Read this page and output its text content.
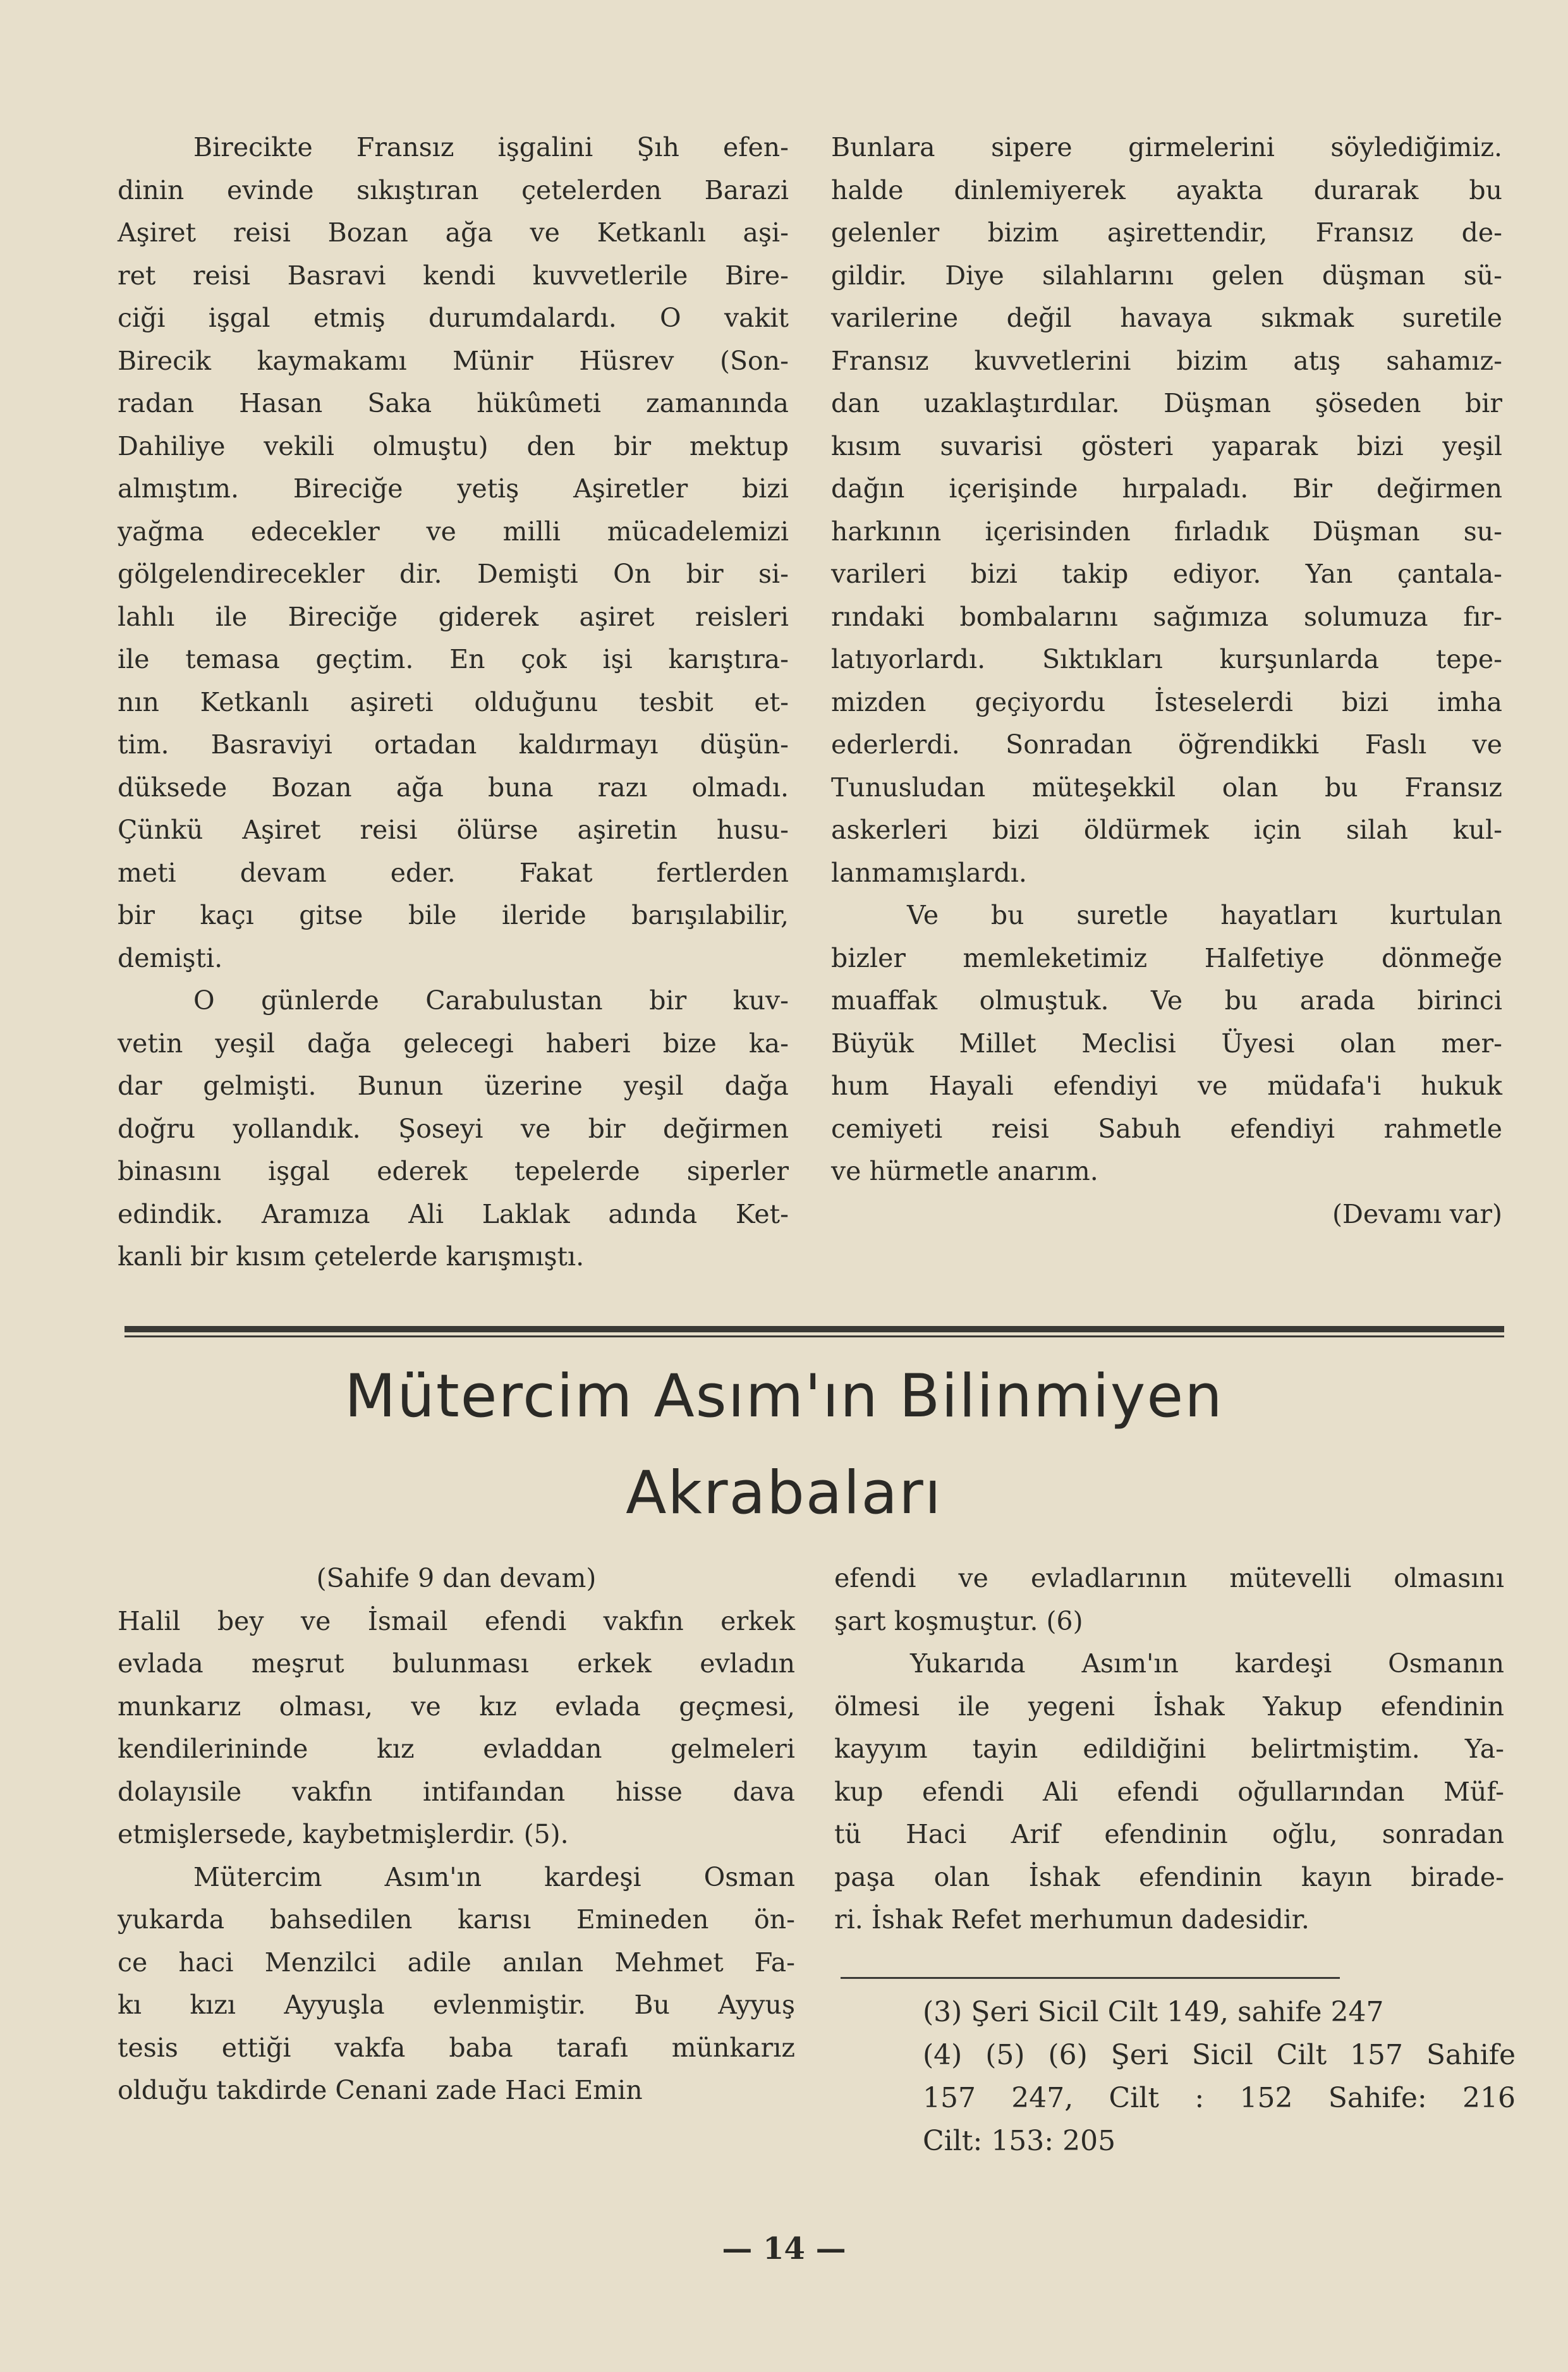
Birecikte Fransız işgalini Şıh efen-
dinin evinde sıkıştıran çetelerden Barazi
Aşiret reisi Bozan ağa ve Ketkanlı aşi-
ret reisi Basravi kendi kuvvetlerile Bire-
ciği işgal etmiş durumdalardı. O vakit
Birecik kaymakamı Münir Hüsrev (Son-
radan Hasan Saka hükûmeti zamanında
Dahiliye vekili olmuştu) den bir mektup
almıştım. Bireciğe yetiş Aşiretler bizi
yağma edecekler ve milli mücadelemizi
gölgelendirecekler dir. Demişti On bir si-
lahlı ile Bireciğe giderek aşiret reisleri
ile temasa geçtim. En çok işi karıştıra-
nın Ketkanlı aşireti olduğunu tesbit et-
tim. Basraviyi ortadan kaldırmayı düşün-
düksede Bozan ağa buna razı olmadı.
Çünkü Aşiret reisi ölürse aşiretin husu-
meti devam eder. Fakat fertlerden
bir kaçı gitse bile ileride barışılabilir,
demişti.
O günlerde Carabulustan bir kuv-
vetin yeşil dağa gelecegi haberi bize ka-
dar gelmişti. Bunun üzerine yeşil dağa
doğru yollandık. Şoseyi ve bir değirmen
binasını işgal ederek tepelerde siperler
edindik. Aramıza Ali Laklak adında Ket-
kanli bir kısım çetelerde karışmıştı.
Bunlara sipere girmelerini söylediğimiz.
halde dinlemiyerek ayakta durarak bu
gelenler bizim aşirettendir, Fransız de-
gildir. Diye silahlarını gelen düşman sü-
varilerine değil havaya sıkmak suretile
Fransız kuvvetlerini bizim atış sahamız-
dan uzaklaştırdılar. Düşman şöseden bir
kısım suvarisi gösteri yaparak bizi yeşil
dağın içerişinde hırpaladı. Bir değirmen
harkının içerisinden fırladık Düşman su-
varileri bizi takip ediyor. Yan çantala-
rındaki bombalarını sağımıza solumuza fır-
latıyorlardı. Sıktıkları kurşunlarda tepe-
mizden geçiyordu İsteselerdi bizi imha
ederlerdi. Sonradan öğrendikki Faslı ve
Tunusludan müteşekkil olan bu Fransız
askerleri bizi öldürmek için silah kul-
lanmamışlardı.
Ve bu suretle hayatları kurtulan
bizler memleketimiz Halfetiye dönmeğe
muaffak olmuştuk. Ve bu arada birinci
Büyük Millet Meclisi Üyesi olan mer-
hum Hayali efendiyi ve müdafa'i hukuk
cemiyeti reisi Sabuh efendiyi rahmetle
ve hürmetle anarım.
(Devamı var)
Mütercim Asım'ın Bilinmiyen
Akrabaları
(Sahife 9 dan devam)
Halil bey ve İsmail efendi vakfın erkek
evlada meşrut bulunması erkek evladın
munkarız olması, ve kız evlada geçmesi,
kendilerininde kız evladdan gelmeleri
dolayısile vakfın intifaından hisse dava
etmişlersede, kaybetmişlerdir. (5).
Mütercim Asım'ın kardeşi Osman
yukarda bahsedilen karısı Emineden ön-
ce haci Menzilci adile anılan Mehmet Fa-
kı kızı Ayyuşla evlenmiştir. Bu Ayyuş
tesis ettiği vakfa baba tarafı münkarız
olduğu takdirde Cenani zade Haci Emin
efendi ve evladlarının mütevelli olmasını
şart koşmuştur. (6)
Yukarıda Asım'ın kardeşi Osmanın
ölmesi ile yegeni İshak Yakup efendinin
kayyım tayin edildiğini belirtmiştim. Ya-
kup efendi Ali efendi oğullarından Müf-
tü Haci Arif efendinin oğlu, sonradan
paşa olan İshak efendinin kayın birade-
ri. İshak Refet merhumun dadesidir.
(3) Şeri Sicil Cilt 149, sahife 247
(4) (5) (6) Şeri Sicil Cilt 157 Sahife
157 247, Cilt : 152 Sahife: 216
Cilt: 153: 205
— 14 —
